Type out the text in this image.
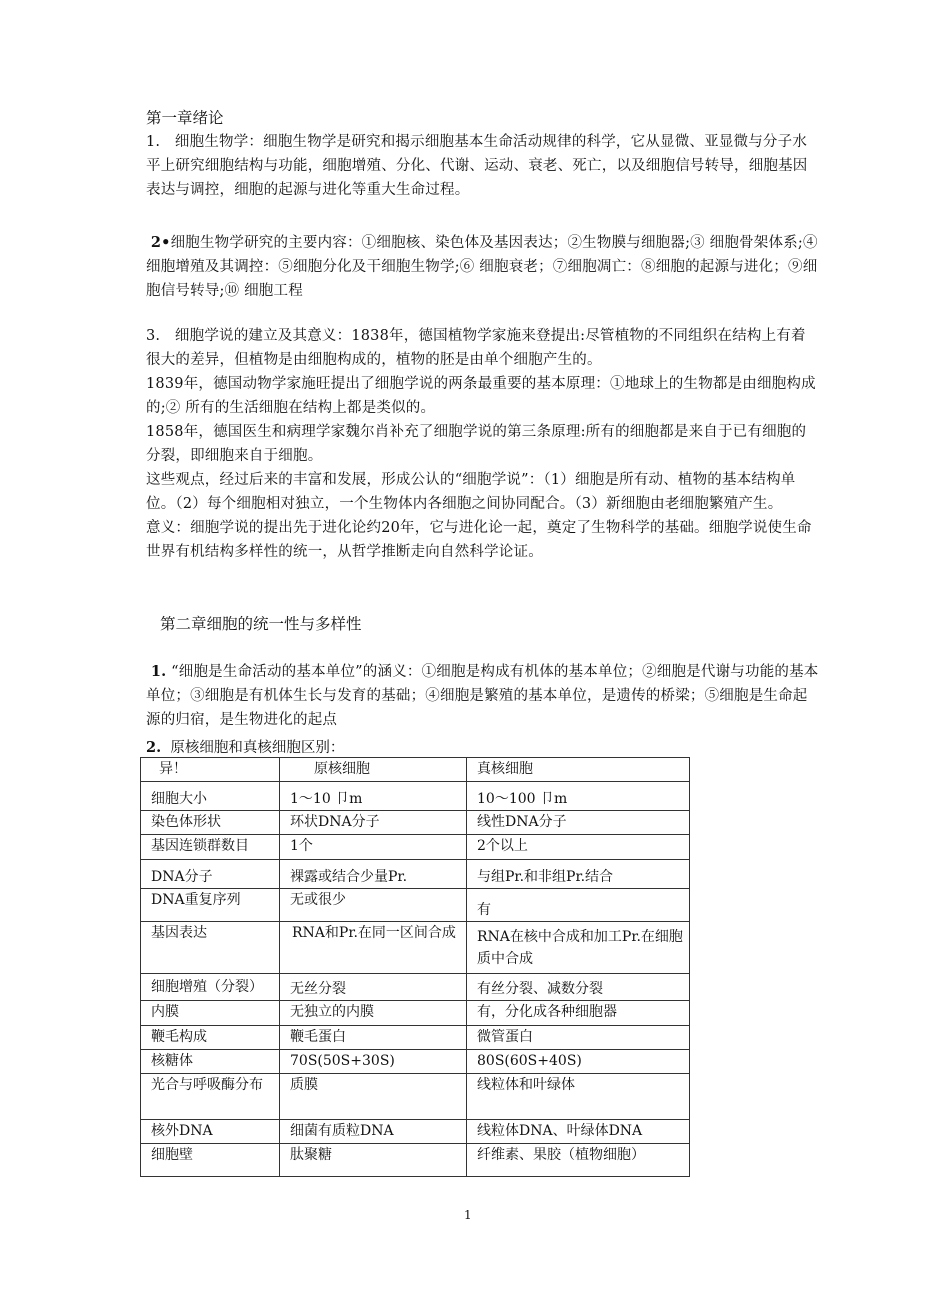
第一章绪论

1.　细胞生物学：细胞生物学是研究和揭示细胞基本生命活动规律的科学，它从显微、亚显微与分子水平上研究细胞结构与功能，细胞增殖、分化、代谢、运动、衰老、死亡，以及细胞信号转导，细胞基因表达与调控，细胞的起源与进化等重大生命过程。

2•细胞生物学研究的主要内容：①细胞核、染色体及基因表达；②生物膜与细胞器;③ 细胞骨架体系;④ 细胞增殖及其调控：⑤细胞分化及干细胞生物学;⑥ 细胞衰老；⑦细胞凋亡：⑧细胞的起源与进化；⑨细胞信号转导;⑩ 细胞工程

3.　细胞学说的建立及其意义：1838年，德国植物学家施来登提出:尽管植物的不同组织在结构上有着很大的差异，但植物是由细胞构成的，植物的胚是由单个细胞产生的。

1839年，德国动物学家施旺提出了细胞学说的两条最重要的基本原理：①地球上的生物都是由细胞构成的;② 所有的生活细胞在结构上都是类似的。

1858年，德国医生和病理学家魏尔肖补充了细胞学说的第三条原理:所有的细胞都是来自于已有细胞的分裂，即细胞来自于细胞。

这些观点，经过后来的丰富和发展，形成公认的“细胞学说”：（1）细胞是所有动、植物的基本结构单位。（2）每个细胞相对独立，一个生物体内各细胞之间协同配合。（3）新细胞由老细胞繁殖产生。

意义：细胞学说的提出先于进化论约20年，它与进化论一起，奠定了生物科学的基础。细胞学说使生命世界有机结构多样性的统一，从哲学推断走向自然科学论证。

第二章细胞的统一性与多样性

1. “细胞是生命活动的基本单位”的涵义：①细胞是构成有机体的基本单位；②细胞是代谢与功能的基本单位；③细胞是有机体生长与发育的基础；④细胞是繁殖的基本单位，是遗传的桥梁；⑤细胞是生命起源的归宿，是生物进化的起点

2. 原核细胞和真核细胞区别：
异！	原核细胞	真核细胞
细胞大小	1〜10 卩m	10〜100 卩m
染色体形状	环状DNA分子	线性DNA分子
基因连锁群数目	1个	2个以上
DNA分子	裸露或结合少量Pr.	与组Pr.和非组Pr.结合
DNA重复序列	无或很少	有
基因表达	RNA和Pr.在同一区间合成	RNA在核中合成和加工Pr.在细胞质中合成

细胞增殖（分裂）	无丝分裂	有丝分裂、减数分裂

内膜	无独立的内膜	有，分化成各种细胞器
鞭毛构成	鞭毛蛋白	微管蛋白
核糖体	70S(50S+30S)	80S(60S+40S)
光合与呼吸酶分布	质膜	线粒体和叶绿体
核外DNA	细菌有质粒DNA	线粒体DNA、叶绿体DNA
细胞壁	肽聚糖	纤维素、果胶（植物细胞）
1
